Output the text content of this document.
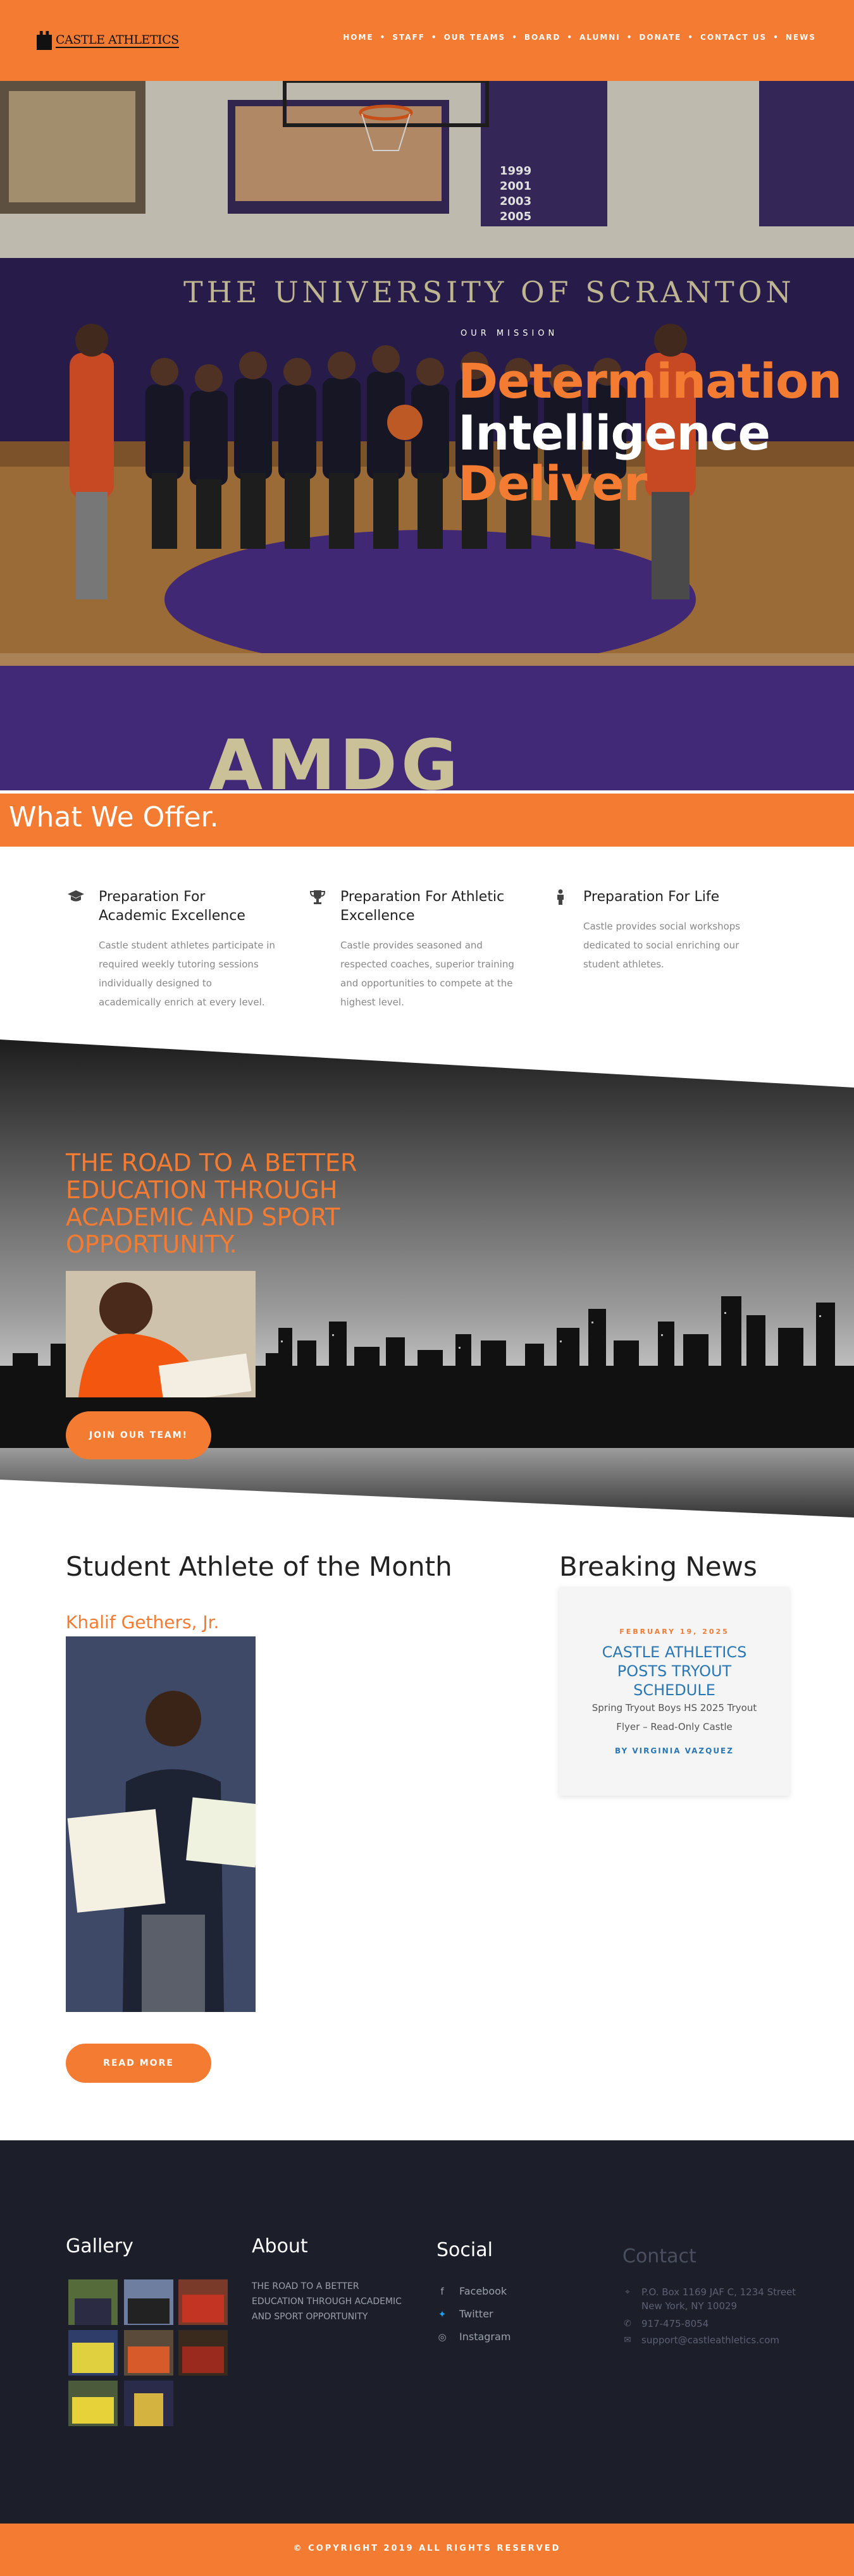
CASTLE ATHLETICS	HOME • STAFF • OUR TEAMS • BOARD • ALUMNI • DONATE • CONTACT US • NEWS
OUR MISSION
Determination
Intelligence
Deliver
What We Offer.
Preparation For Academic Excellence

Castle student athletes participate in required weekly tutoring sessions individually designed to academically enrich at every level.

Preparation For Athletic Excellence

Castle provides seasoned and respected coaches, superior training and opportunities to compete at the highest level.

Preparation For Life

Castle provides social workshops dedicated to social enriching our student athletes.

THE ROAD TO A BETTER EDUCATION THROUGH ACADEMIC AND SPORT OPPORTUNITY.
JOIN OUR TEAM!
Student Athlete of the Month
Khalif Gethers, Jr.
READ MORE
Breaking News
FEBRUARY 19, 2025
CASTLE ATHLETICS POSTS TRYOUT SCHEDULE
Spring Tryout Boys HS 2025 Tryout Flyer – Read-Only Castle
BY VIRGINIA VAZQUEZ
Gallery	About
THE ROAD TO A BETTER EDUCATION THROUGH ACADEMIC AND SPORT OPPORTUNITY
Social
f	Facebook
✦ Twitter
◎ Instagram
Contact
⌖ P.O. Box 1169 JAF C, 1234 Street
New York, NY 10029
✆ 917-475-8054
✉ support@castleathletics.com
© COPYRIGHT 2019 ALL RIGHTS RESERVED
